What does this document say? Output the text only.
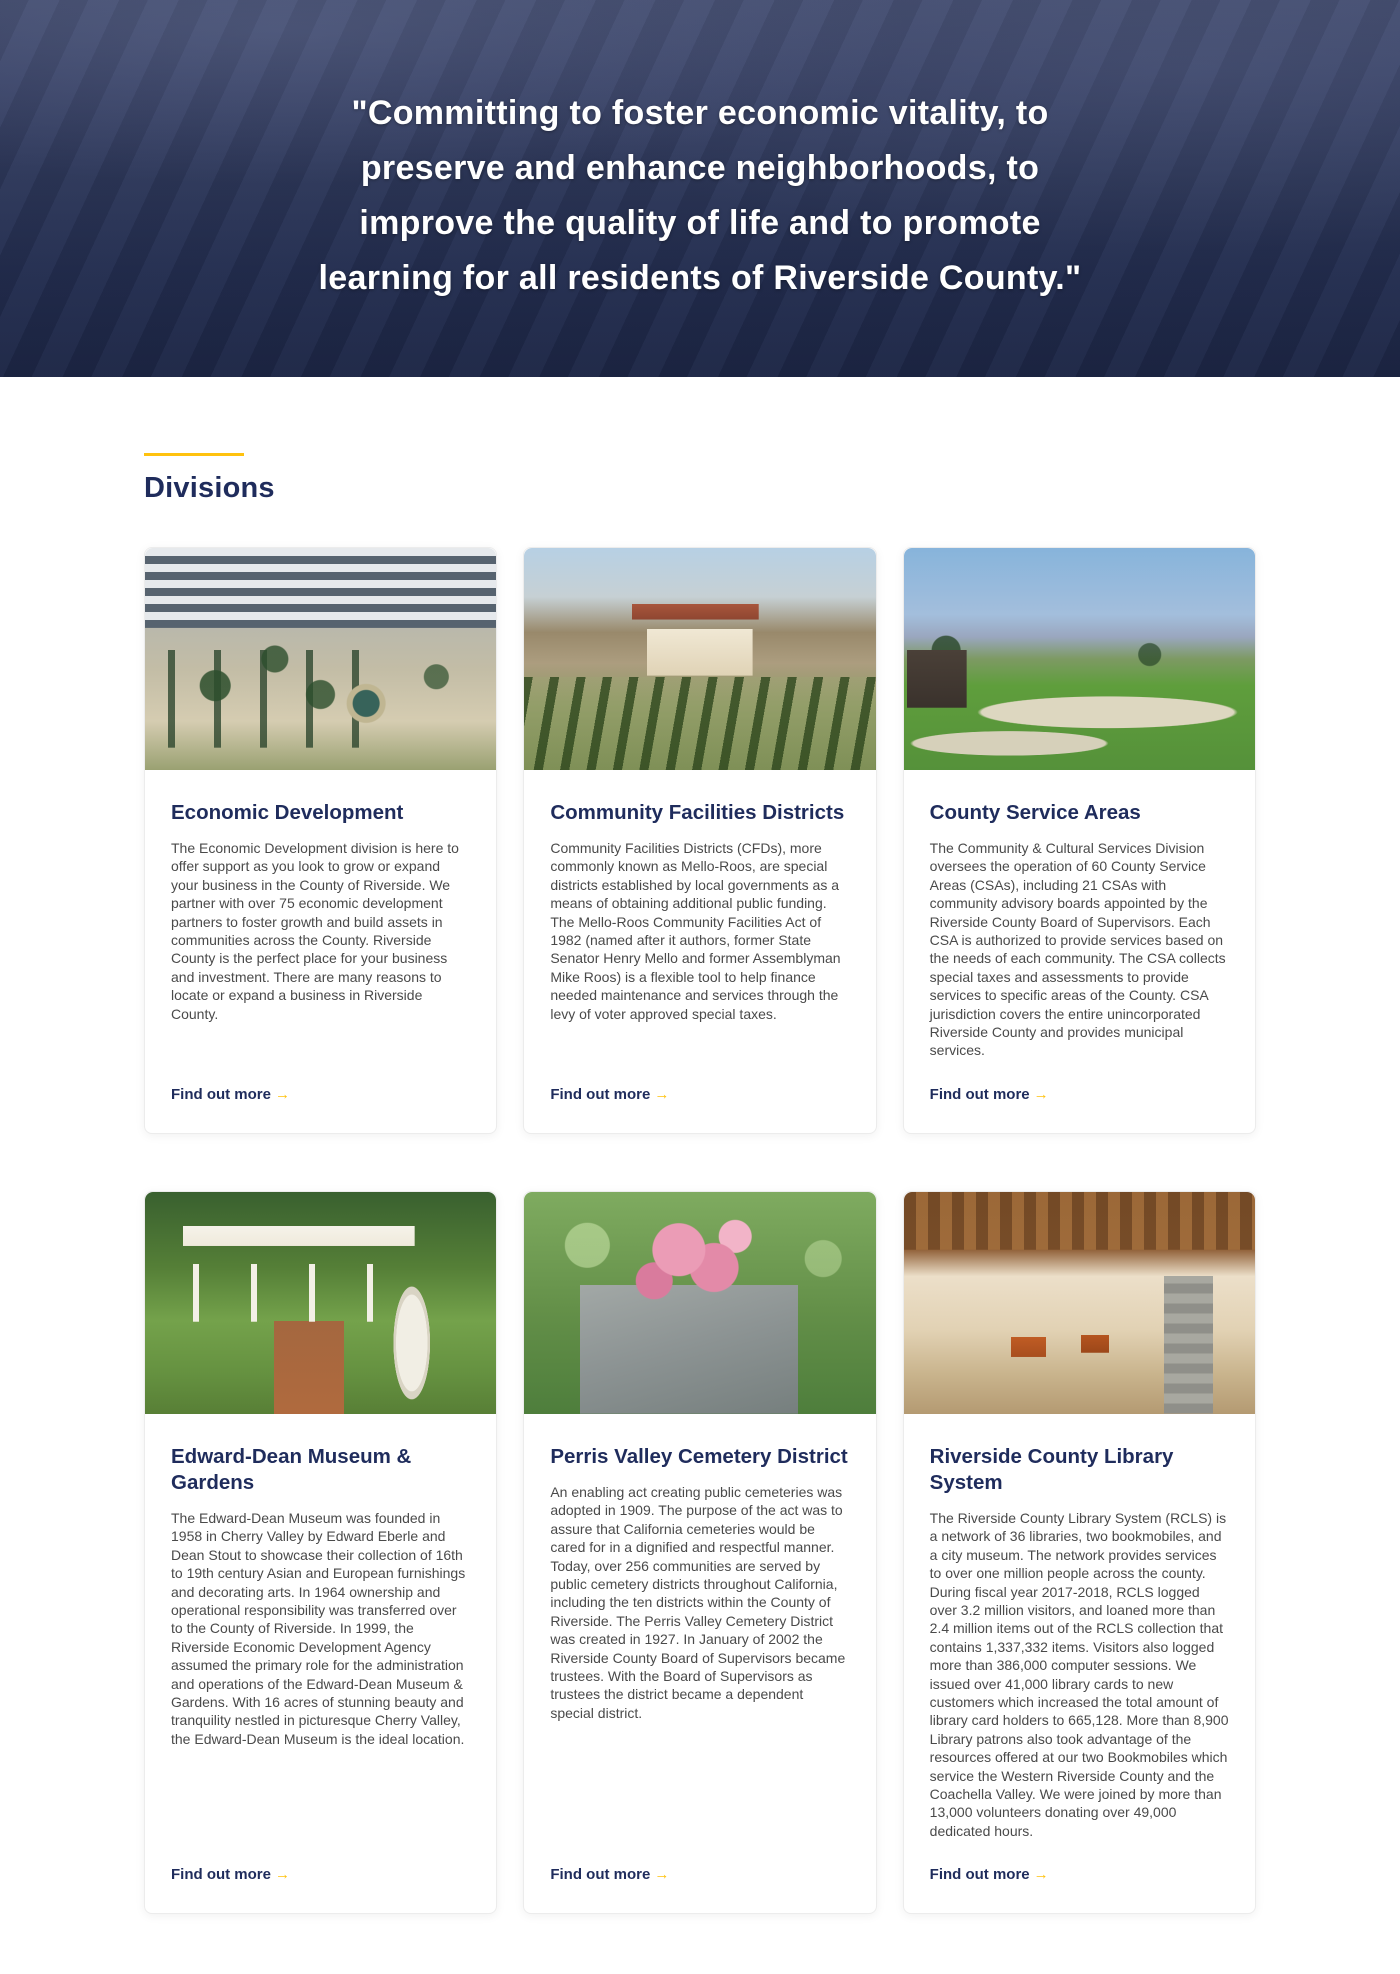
"Committing to foster economic vitality, to
preserve and enhance neighborhoods, to
improve the quality of life and to promote
learning for all residents of Riverside County."
Divisions
Economic Development

The Economic Development division is here to offer support as you look to grow or expand your business in the County of Riverside. We partner with over 75 economic development partners to foster growth and build assets in communities across the County. Riverside County is the perfect place for your business and investment. There are many reasons to locate or expand a business in Riverside County.

Find out more →
Community Facilities Districts

Community Facilities Districts (CFDs), more commonly known as Mello-Roos, are special districts established by local governments as a means of obtaining additional public funding. The Mello-Roos Community Facilities Act of 1982 (named after it authors, former State Senator Henry Mello and former Assemblyman Mike Roos) is a flexible tool to help finance needed maintenance and services through the levy of voter approved special taxes.

Find out more →
County Service Areas

The Community & Cultural Services Division oversees the operation of 60 County Service Areas (CSAs), including 21 CSAs with community advisory boards appointed by the Riverside County Board of Supervisors. Each CSA is authorized to provide services based on the needs of each community. The CSA collects special taxes and assessments to provide services to specific areas of the County. CSA jurisdiction covers the entire unincorporated Riverside County and provides municipal services.

Find out more →
Edward-Dean Museum & Gardens

The Edward-Dean Museum was founded in 1958 in Cherry Valley by Edward Eberle and Dean Stout to showcase their collection of 16th to 19th century Asian and European furnishings and decorating arts. In 1964 ownership and operational responsibility was transferred over to the County of Riverside. In 1999, the Riverside Economic Development Agency assumed the primary role for the administration and operations of the Edward-Dean Museum & Gardens. With 16 acres of stunning beauty and tranquility nestled in picturesque Cherry Valley, the Edward-Dean Museum is the ideal location.

Find out more →
Perris Valley Cemetery District

An enabling act creating public cemeteries was adopted in 1909. The purpose of the act was to assure that California cemeteries would be cared for in a dignified and respectful manner. Today, over 256 communities are served by public cemetery districts throughout California, including the ten districts within the County of Riverside. The Perris Valley Cemetery District was created in 1927. In January of 2002 the Riverside County Board of Supervisors became trustees. With the Board of Supervisors as trustees the district became a dependent special district.

Find out more →
Riverside County Library System

The Riverside County Library System (RCLS) is a network of 36 libraries, two bookmobiles, and a city museum. The network provides services to over one million people across the county. During fiscal year 2017-2018, RCLS logged over 3.2 million visitors, and loaned more than 2.4 million items out of the RCLS collection that contains 1,337,332 items. Visitors also logged more than 386,000 computer sessions. We issued over 41,000 library cards to new customers which increased the total amount of library card holders to 665,128. More than 8,900 Library patrons also took advantage of the resources offered at our two Bookmobiles which service the Western Riverside County and the Coachella Valley. We were joined by more than 13,000 volunteers donating over 49,000 dedicated hours.

Find out more →
